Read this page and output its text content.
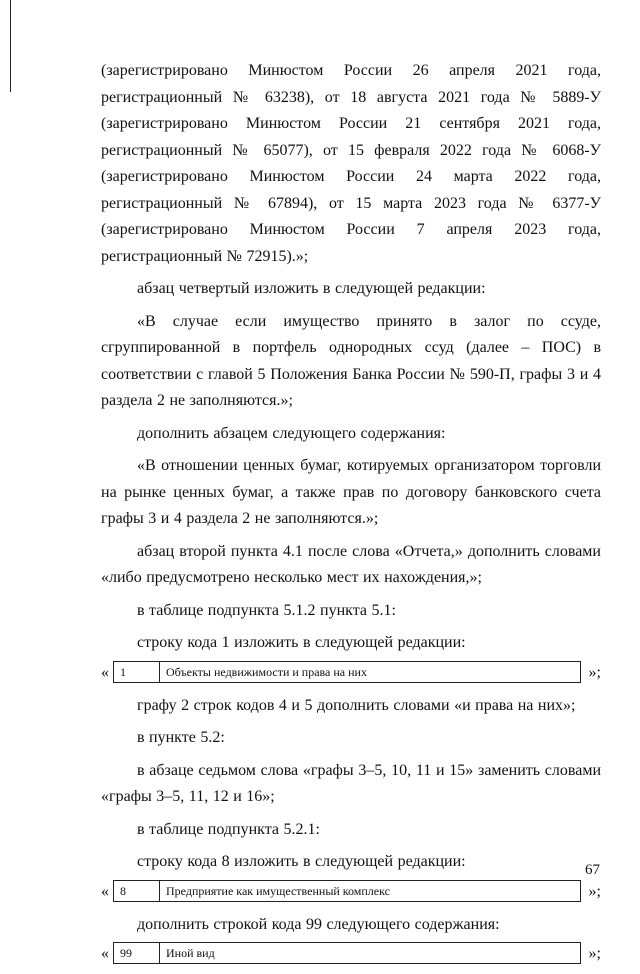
(зарегистрировано Минюстом России 26 апреля 2021 года, регистрационный № 63238), от 18 августа 2021 года № 5889-У (зарегистрировано Минюстом России 21 сентября 2021 года, регистрационный № 65077), от 15 февраля 2022 года № 6068-У (зарегистрировано Минюстом России 24 марта 2022 года, регистрационный № 67894), от 15 марта 2023 года № 6377-У (зарегистрировано Минюстом России 7 апреля 2023 года, регистрационный № 72915).»;

абзац четвертый изложить в следующей редакции:

«В случае если имущество принято в залог по ссуде, сгруппированной в портфель однородных ссуд (далее – ПОС) в соответствии с главой 5 Положения Банка России № 590-П, графы 3 и 4 раздела 2 не заполняются.»;

дополнить абзацем следующего содержания:

«В отношении ценных бумаг, котируемых организатором торговли на рынке ценных бумаг, а также прав по договору банковского счета графы 3 и 4 раздела 2 не заполняются.»;

абзац второй пункта 4.1 после слова «Отчета,» дополнить словами «либо предусмотрено несколько мест их нахождения,»;

в таблице подпункта 5.1.2 пункта 5.1:

строку кода 1 изложить в следующей редакции:

« 1	Объекты недвижимости и права на них	»;

графу 2 строк кодов 4 и 5 дополнить словами «и права на них»;

в пункте 5.2:

в абзаце седьмом слова «графы 3–5, 10, 11 и 15» заменить словами «графы 3–5, 11, 12 и 16»;

в таблице подпункта 5.2.1:

строку кода 8 изложить в следующей редакции:

« 8	Предприятие как имущественный комплекс	»;

дополнить строкой кода 99 следующего содержания:

« 99	Иной вид	»;
67
